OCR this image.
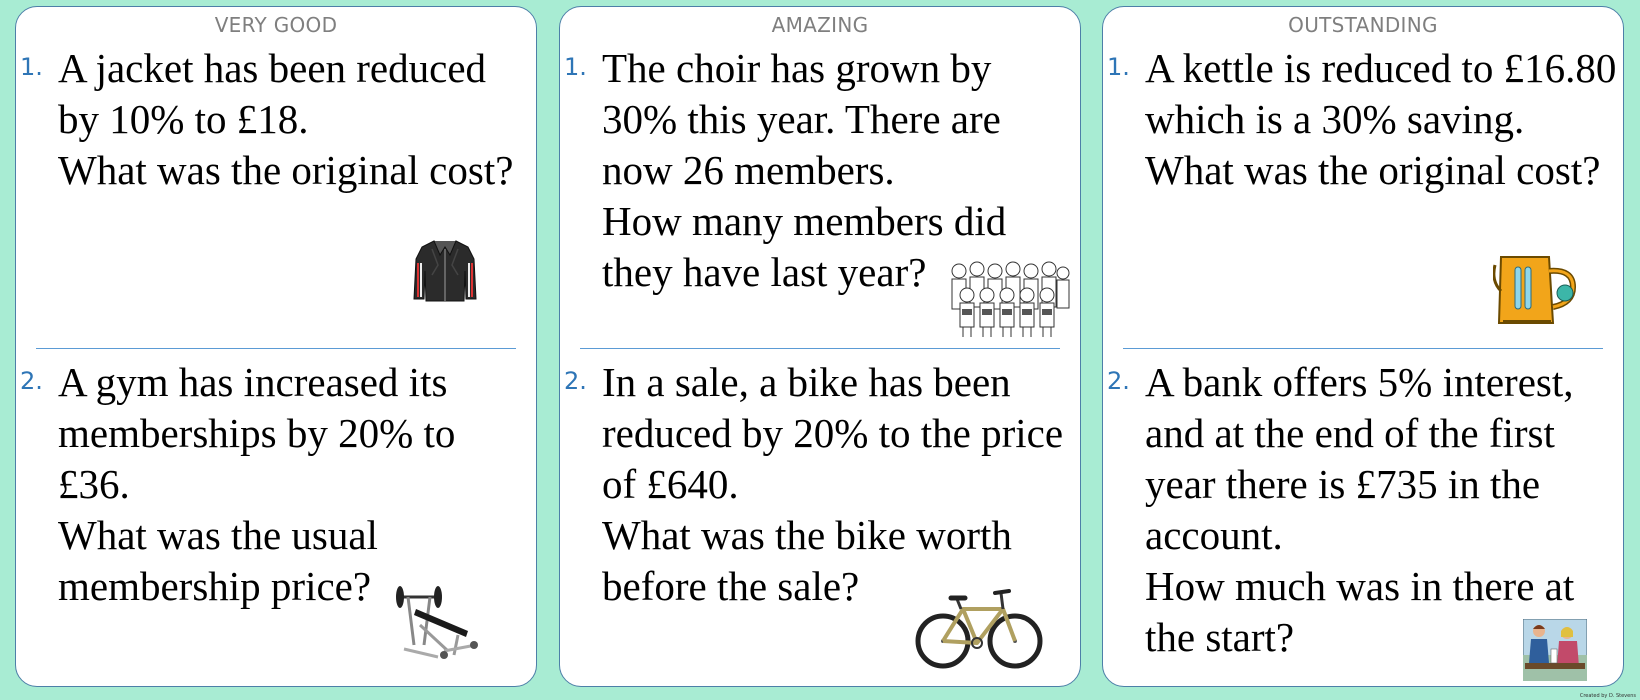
VERY GOOD
1. A jacket has been reduced by 10% to £18.

What was the original cost?

2. A gym has increased its memberships by 20% to £36.

What was the usual membership price?

AMAZING
1. The choir has grown by 30% this year. There are now 26 members.

How many members did they have last year?

2. In a sale, a bike has been reduced by 20% to the price of £640.

What was the bike worth before the sale?

OUTSTANDING
1. A kettle is reduced to £16.80 which is a 30% saving.

What was the original cost?

2. A bank offers 5% interest, and at the end of the first year there is £735 in the account.

How much was in there at the start?

Created by D. Stevens
